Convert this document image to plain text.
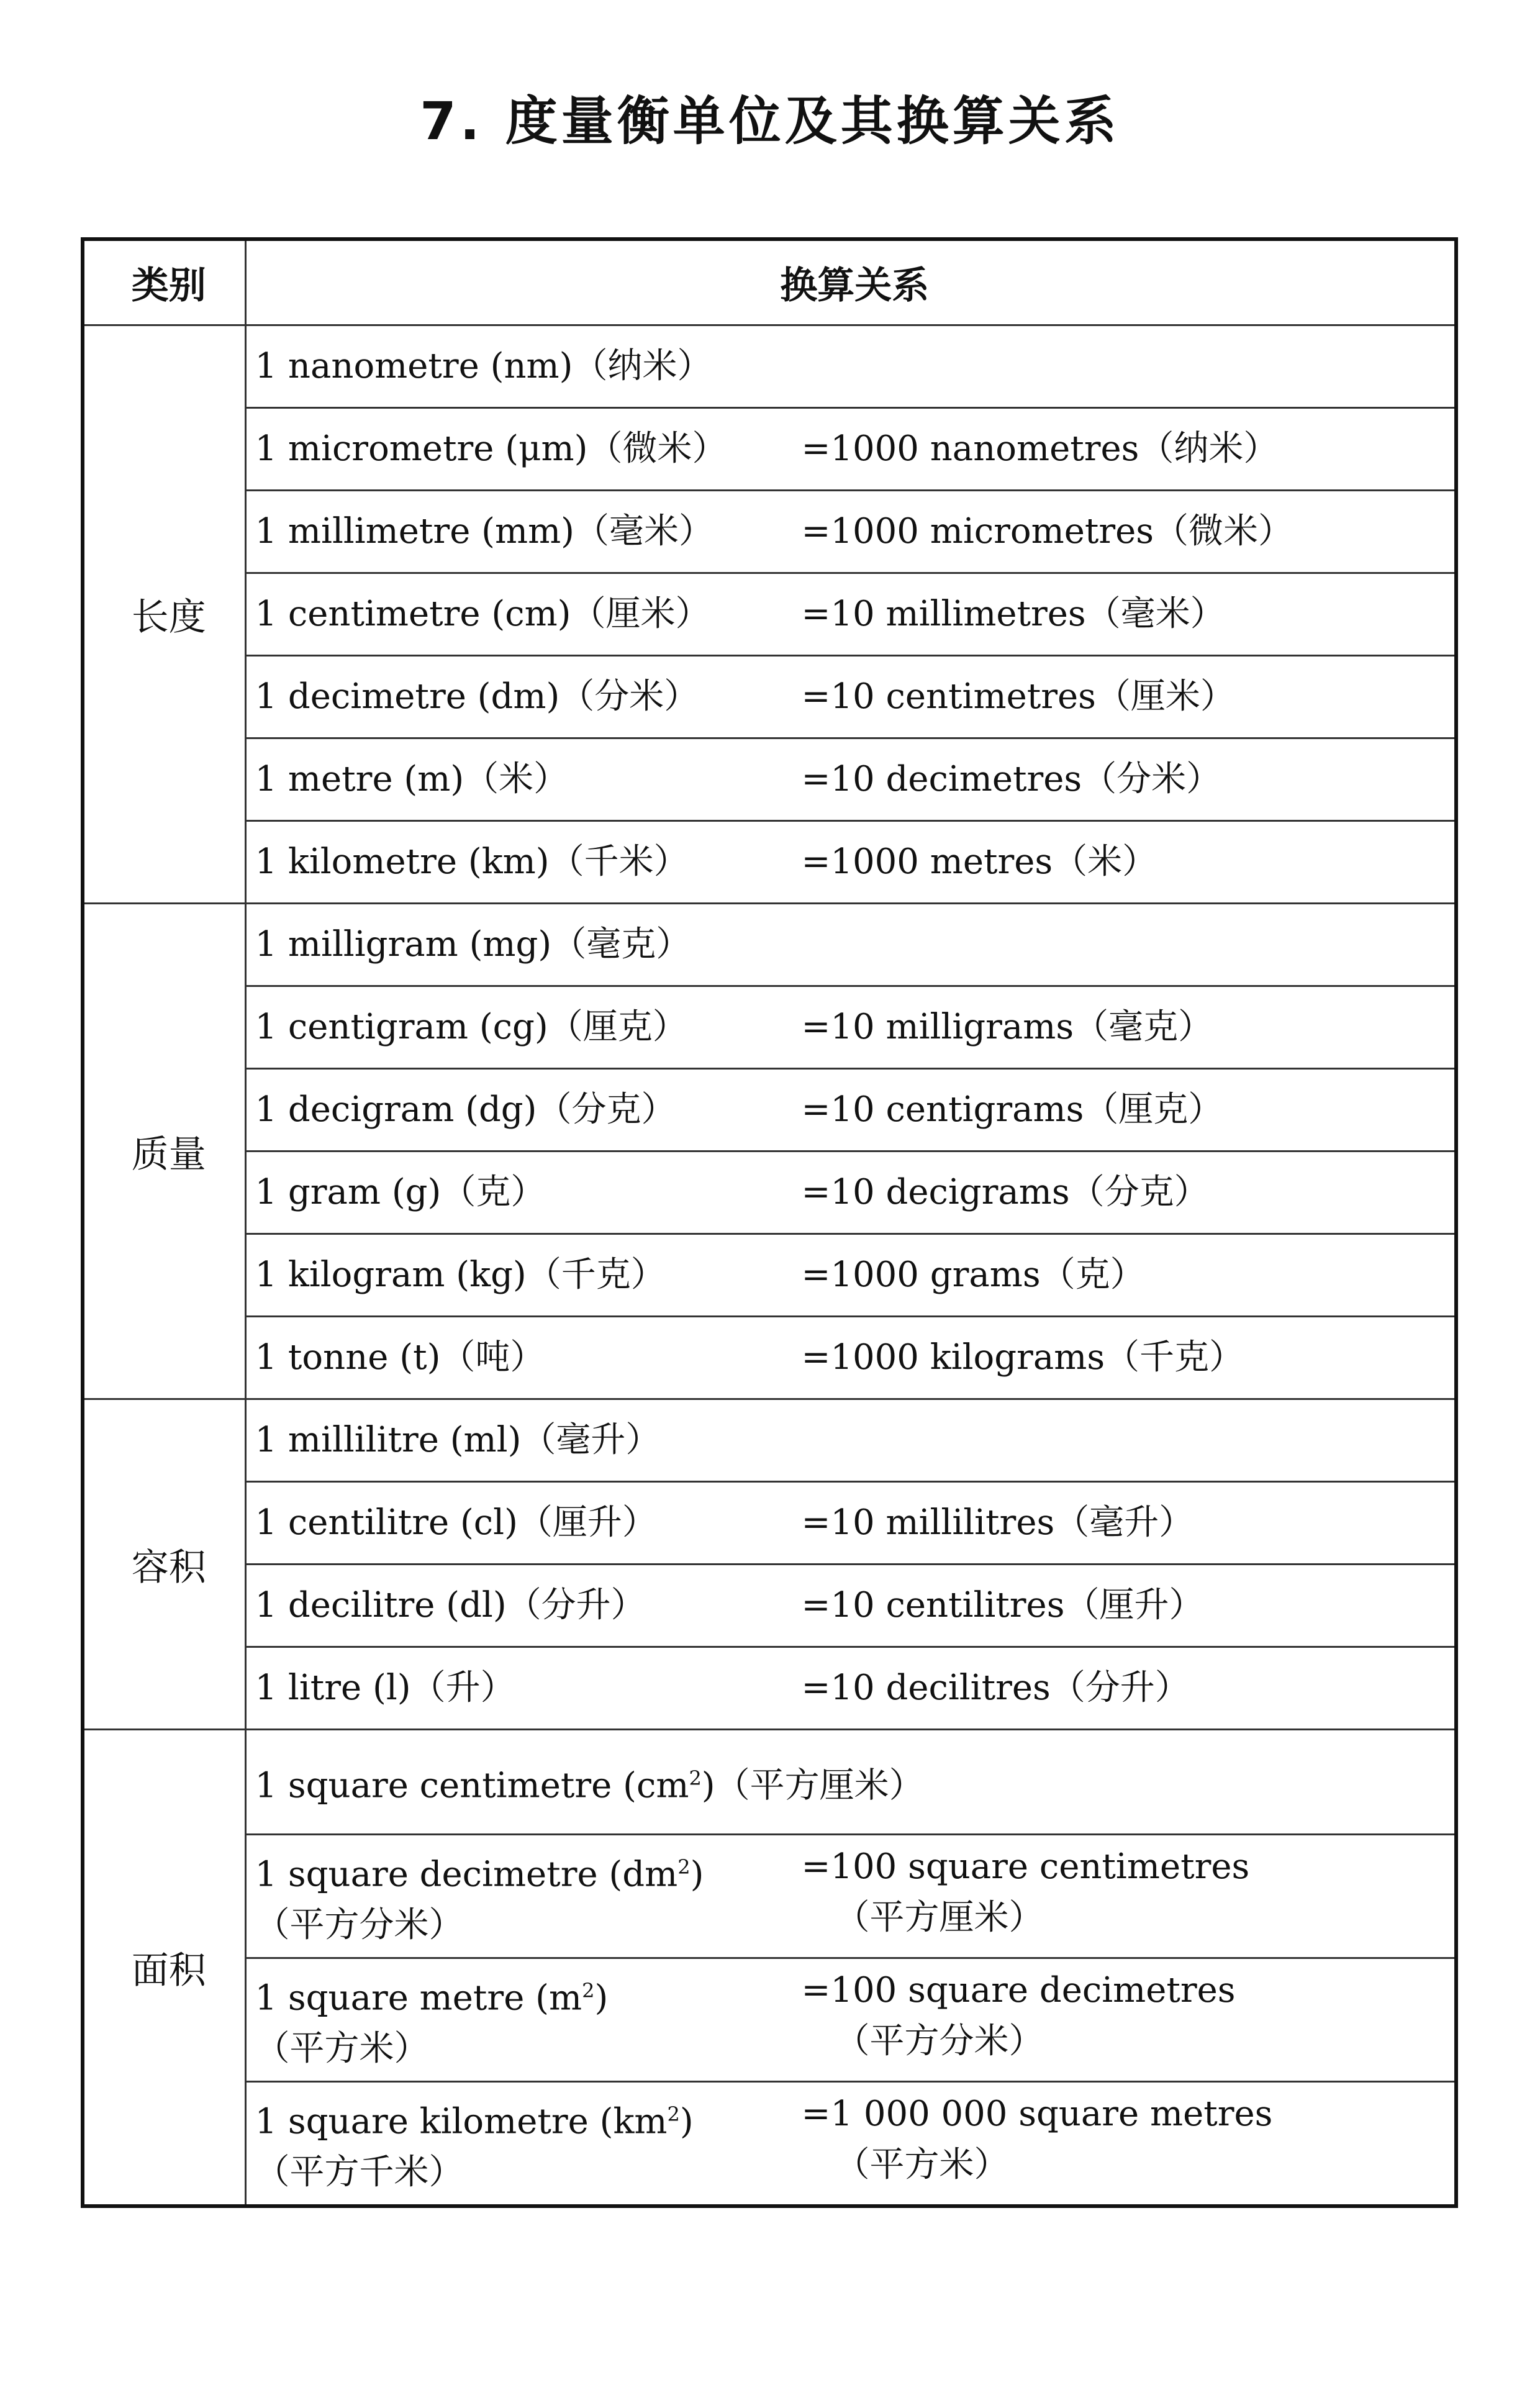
7. 度量衡单位及其换算关系
类别	换算关系
长度	1 nanometre (nm)（纳米）

	1 micrometre (μm)（微米） =1000 nanometres（纳米）

	1 millimetre (mm)（毫米） =1000 micrometres（微米）

	1 centimetre (cm)（厘米） =10 millimetres（毫米）

	1 decimetre (dm)（分米） =10 centimetres（厘米）

	1 metre (m)（米） =10 decimetres（分米）

	1 kilometre (km)（千米） =1000 metres（米）

质量	1 milligram (mg)（毫克）

	1 centigram (cg)（厘克） =10 milligrams（毫克）

	1 decigram (dg)（分克） =10 centigrams（厘克）

	1 gram (g)（克） =10 decigrams（分克）

	1 kilogram (kg)（千克） =1000 grams（克）

	1 tonne (t)（吨） =1000 kilograms（千克）

容积	1 millilitre (ml)（毫升）

	1 centilitre (cl)（厘升） =10 millilitres（毫升）

	1 decilitre (dl)（分升） =10 centilitres（厘升）

	1 litre (l)（升） =10 decilitres（分升）

面积	1 square centimetre $(cm^2)$（平方厘米）

	1 square decimetre $(dm^2)$
（平方分米）
=100 square centimetres
（平方厘米）

	1 square metre $(m^2)$
（平方米）
=100 square decimetres
（平方分米）

	1 square kilometre $(km^2)$
（平方千米）
=1 000 000 square metres
（平方米）
